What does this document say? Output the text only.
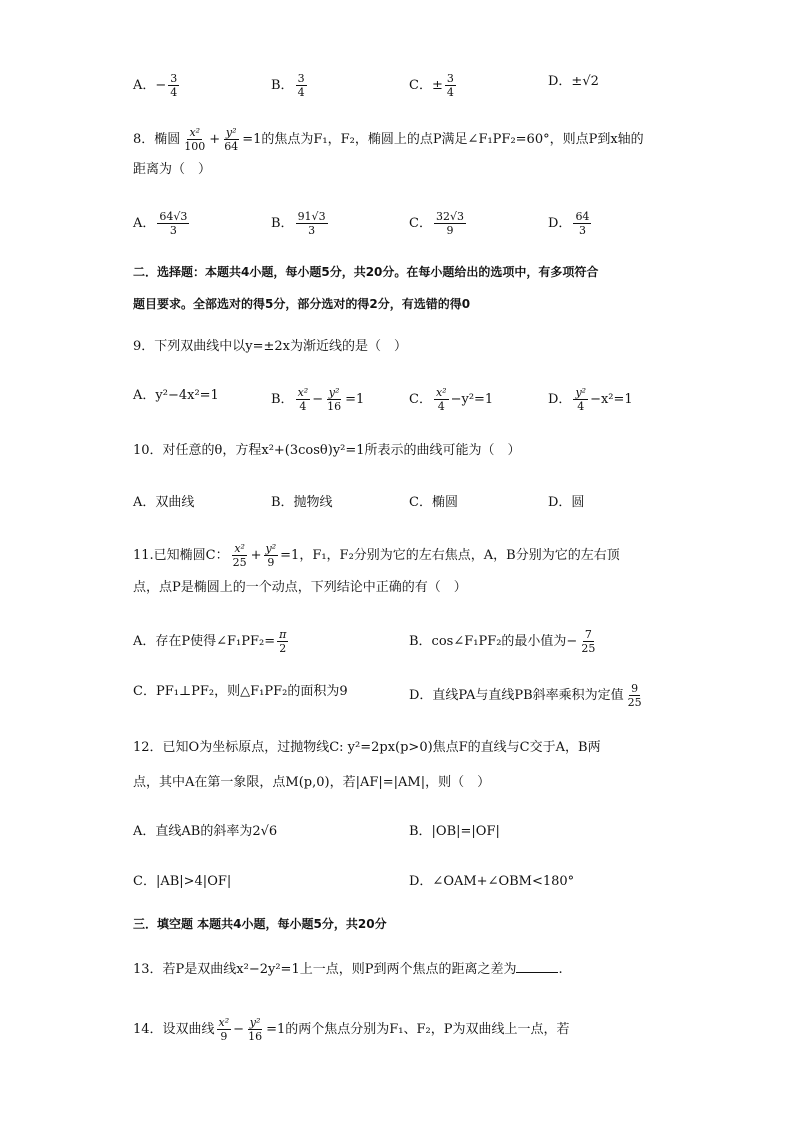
A．− $\frac{3}{4}$	B． $\frac{3}{4}$	C．± $\frac{3}{4}$	D．±√2
8．椭圆 $\frac{\text{x²}}{100} + \frac{\text{y²}}{64} =1$的焦点为F₁，F₂，椭圆上的点P满足∠F₁PF₂=60°，则点P到x轴的
距离为（　）
A． $\frac{64√3}{3}$	B． $\frac{91√3}{3}$	C． $\frac{32√3}{9}$	D． $\frac{64}{3}$
二．选择题：本题共4小题，每小题5分，共20分。在每小题给出的选项中，有多项符合
题目要求。全部选对的得5分，部分选对的得2分，有选错的得0
9．下列双曲线中以y=±2x为渐近线的是（　）
A．y²−4x²=1	B． $\frac{\text{x²}}{4} - \frac{\text{y²}}{16} =1$	C． $\frac{\text{x²}}{4} -y^2=1$	D． $\frac{\text{y²}}{4} -x^2=1$
10．对任意的θ，方程x²+(3cosθ)y²=1所表示的曲线可能为（　）
A．双曲线	B．抛物线	C．椭圆	D．圆
11.已知椭圆C： $\frac{\text{x²}}{25} + \frac{\text{y²}}{9} =1$，F₁，F₂分别为它的左右焦点，A，B分别为它的左右顶
点，点P是椭圆上的一个动点，下列结论中正确的有（　）
A．存在P使得∠F₁PF₂= $\frac{\pi}{2}$	B．cos∠F₁PF₂的最小值为− $\frac{7}{25}$
C．PF₁⊥PF₂，则△F₁PF₂的面积为9	D．直线PA与直线PB斜率乘积为定值 $\frac{9}{25}$
12．已知O为坐标原点，过抛物线C: y²=2px(p>0)焦点F的直线与C交于A，B两
点，其中A在第一象限，点M(p,0)，若|AF|=|AM|，则（　）
A．直线AB的斜率为2√6	B．|OB|=|OF|
C．|AB|>4|OF|	D．∠OAM+∠OBM<180°
三．填空题 本题共4小题，每小题5分，共20分
13．若P是双曲线x²−2y²=1上一点，则P到两个焦点的距离之差为	.
14．设双曲线 $\frac{\text{x²}}{9} - \frac{\text{y²}}{16} =1$的两个焦点分别为F₁、F₂，P为双曲线上一点，若
